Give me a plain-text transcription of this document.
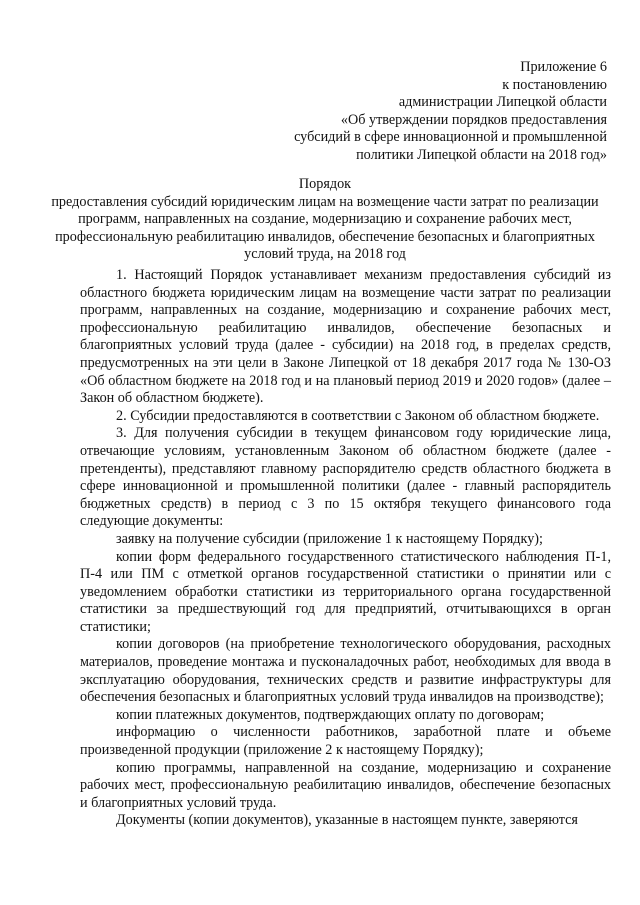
Приложение 6
к постановлению
администрации Липецкой области
«Об утверждении порядков предоставления
субсидий в сфере инновационной и промышленной
политики Липецкой области на 2018 год»
Порядок
предоставления субсидий юридическим лицам на возмещение части затрат по реализации программ, направленных на создание, модернизацию и сохранение рабочих мест, профессиональную реабилитацию инвалидов, обеспечение безопасных и благоприятных условий труда, на 2018 год

1. Настоящий Порядок устанавливает механизм предоставления субсидий из областного бюджета юридическим лицам на возмещение части затрат по реализации программ, направленных на создание, модернизацию и сохранение рабочих мест, профессиональную реабилитацию инвалидов, обеспечение безопасных и благоприятных условий труда (далее - субсидии) на 2018 год, в пределах средств, предусмотренных на эти цели в Законе Липецкой от 18 декабря 2017 года № 130-ОЗ «Об областном бюджете на 2018 год и на плановый период 2019 и 2020 годов» (далее – Закон об областном бюджете).

2. Субсидии предоставляются в соответствии с Законом об областном бюджете.

3. Для получения субсидии в текущем финансовом году юридические лица, отвечающие условиям, установленным Законом об областном бюджете (далее - претенденты), представляют главному распорядителю средств областного бюджета в сфере инновационной и промышленной политики (далее - главный распорядитель бюджетных средств) в период с 3 по 15 октября текущего финансового года следующие документы:

заявку на получение субсидии (приложение 1 к настоящему Порядку);

копии форм федерального государственного статистического наблюдения П-1, П-4 или ПМ с отметкой органов государственной статистики о принятии или с уведомлением обработки статистики из территориального органа государственной статистики за предшествующий год для предприятий, отчитывающихся в орган статистики;

копии договоров (на приобретение технологического оборудования, расходных материалов, проведение монтажа и пусконаладочных работ, необходимых для ввода в эксплуатацию оборудования, технических средств и развитие инфраструктуры для обеспечения безопасных и благоприятных условий труда инвалидов на производстве);

копии платежных документов, подтверждающих оплату по договорам;

информацию о численности работников, заработной плате и объеме произведенной продукции (приложение 2 к настоящему Порядку);

копию программы, направленной на создание, модернизацию и сохранение рабочих мест, профессиональную реабилитацию инвалидов, обеспечение безопасных и благоприятных условий труда.

Документы (копии документов), указанные в настоящем пункте, заверяются
